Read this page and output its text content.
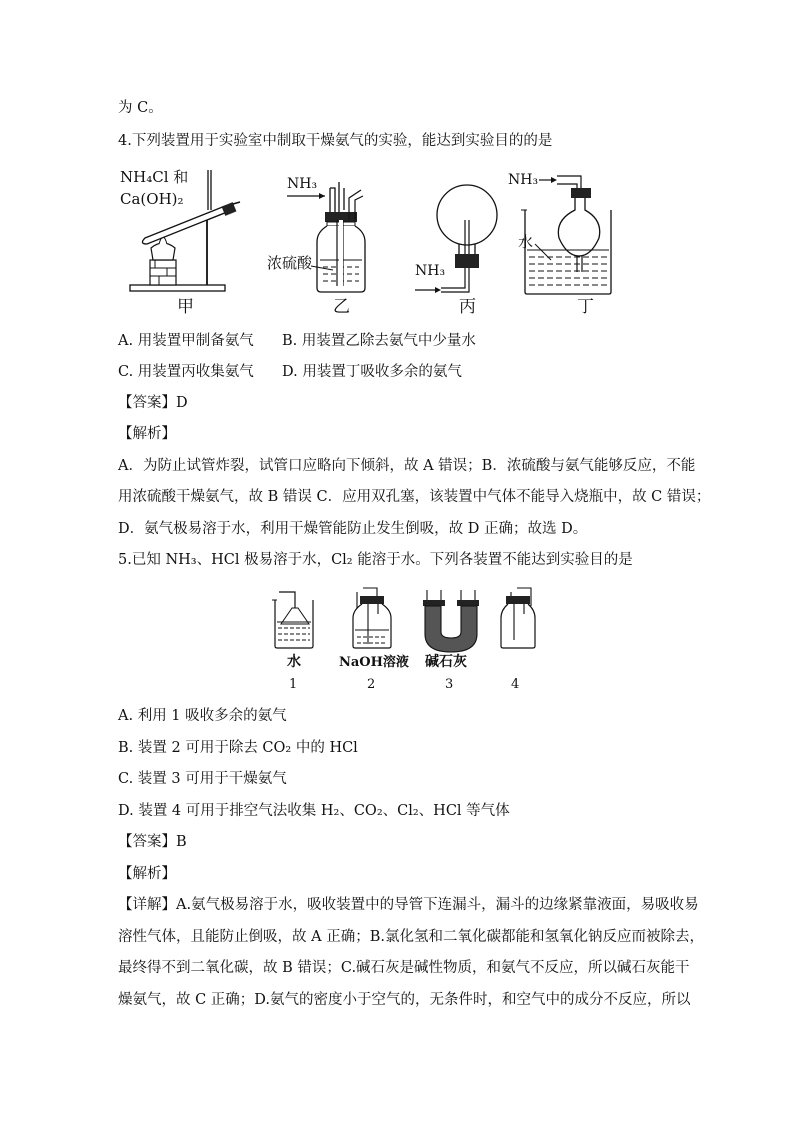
为 C。
4.下列装置用于实验室中制取干燥氨气的实验，能达到实验目的的是
NH₄Cl 和
Ca(OH)₂
甲
NH₃
浓硫酸
乙
NH₃
丙
NH₃
水
丁
A. 用装置甲制备氨气 B. 用装置乙除去氨气中少量水
C. 用装置丙收集氨气 D. 用装置丁吸收多余的氨气
【答案】D
【解析】
A．为防止试管炸裂，试管口应略向下倾斜，故 A 错误；B．浓硫酸与氨气能够反应，不能
用浓硫酸干燥氨气，故 B 错误 C．应用双孔塞，该装置中气体不能导入烧瓶中，故 C 错误；
D．氨气极易溶于水，利用干燥管能防止发生倒吸，故 D 正确；故选 D。
5.已知 NH₃、HCl 极易溶于水，Cl₂ 能溶于水。下列各装置不能达到实验目的是
水
1
NaOH溶液
2
碱石灰
3	4
A. 利用 1 吸收多余的氨气
B. 装置 2 可用于除去 CO₂ 中的 HCl
C. 装置 3 可用于干燥氨气
D. 装置 4 可用于排空气法收集 H₂、CO₂、Cl₂、HCl 等气体
【答案】B
【解析】
【详解】A.氨气极易溶于水，吸收装置中的导管下连漏斗，漏斗的边缘紧靠液面，易吸收易
溶性气体，且能防止倒吸，故 A 正确；B.氯化氢和二氧化碳都能和氢氧化钠反应而被除去，
最终得不到二氧化碳，故 B 错误；C.碱石灰是碱性物质，和氨气不反应，所以碱石灰能干
燥氨气，故 C 正确；D.氨气的密度小于空气的，无条件时，和空气中的成分不反应，所以
